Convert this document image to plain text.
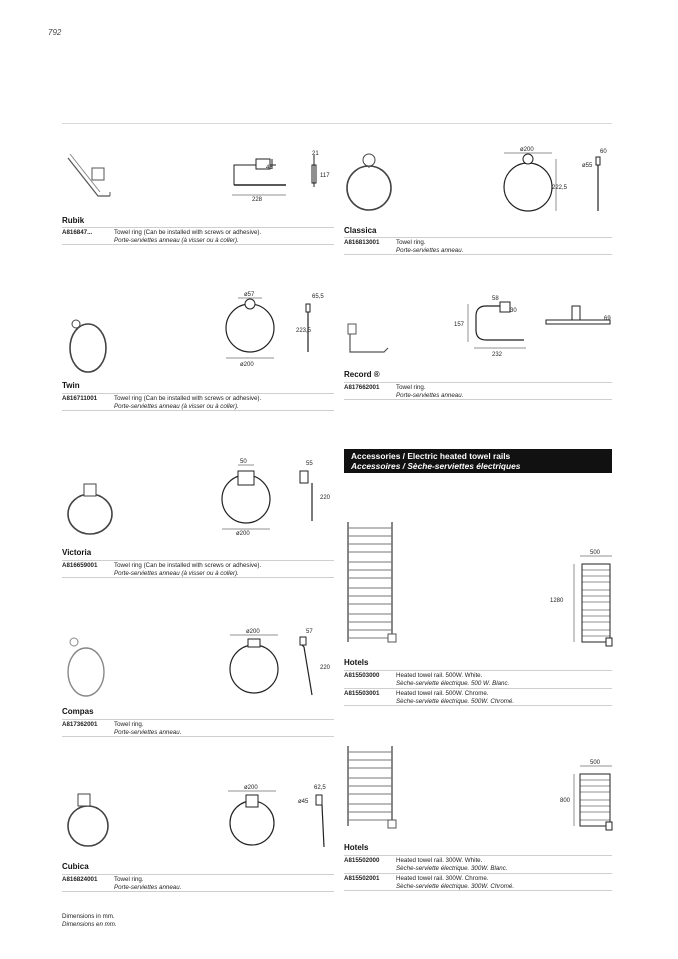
792
45
228
21
117
Rubik
A816847...	Towel ring (Can be installed with screws or adhesive).
Porte-serviettes anneau (à visser ou à coller).
ø200
222,5
ø55
60
Classica
A816813001	Towel ring.
Porte-serviettes anneau.
ø57
ø200
65,5
223,5
Twin
A816711001	Towel ring (Can be installed with screws or adhesive).
Porte-serviettes anneau (à visser ou à coller).
58
30
157
232
69
Record ®
A817662001	Towel ring.
Porte-serviettes anneau.
50
ø200
55
220
Victoria
A816659001	Towel ring (Can be installed with screws or adhesive).
Porte-serviettes anneau (à visser ou à coller).
ø200	57
220
Compas
A817362001	Towel ring.
Porte-serviettes anneau.
ø200	62,5
ø45
Cubica
A816824001	Towel ring.
Porte-serviettes anneau.
Accessories / Electric heated towel rails
Accessoires / Sèche-serviettes électriques
500
1280
Hotels
A815503000	Heated towel rail. 500W. White.
Sèche-serviette électrique. 500 W. Blanc.
A815503001	Heated towel rail. 500W. Chrome.
Sèche-serviette électrique. 500W. Chromé.
500
800
Hotels
A815502000	Heated towel rail. 300W. White.
Sèche-serviette électrique. 300W. Blanc.
A815502001	Heated towel rail. 300W. Chrome.
Sèche-serviette électrique. 300W. Chromé.
Dimensions in mm.
Dimensions en mm.
